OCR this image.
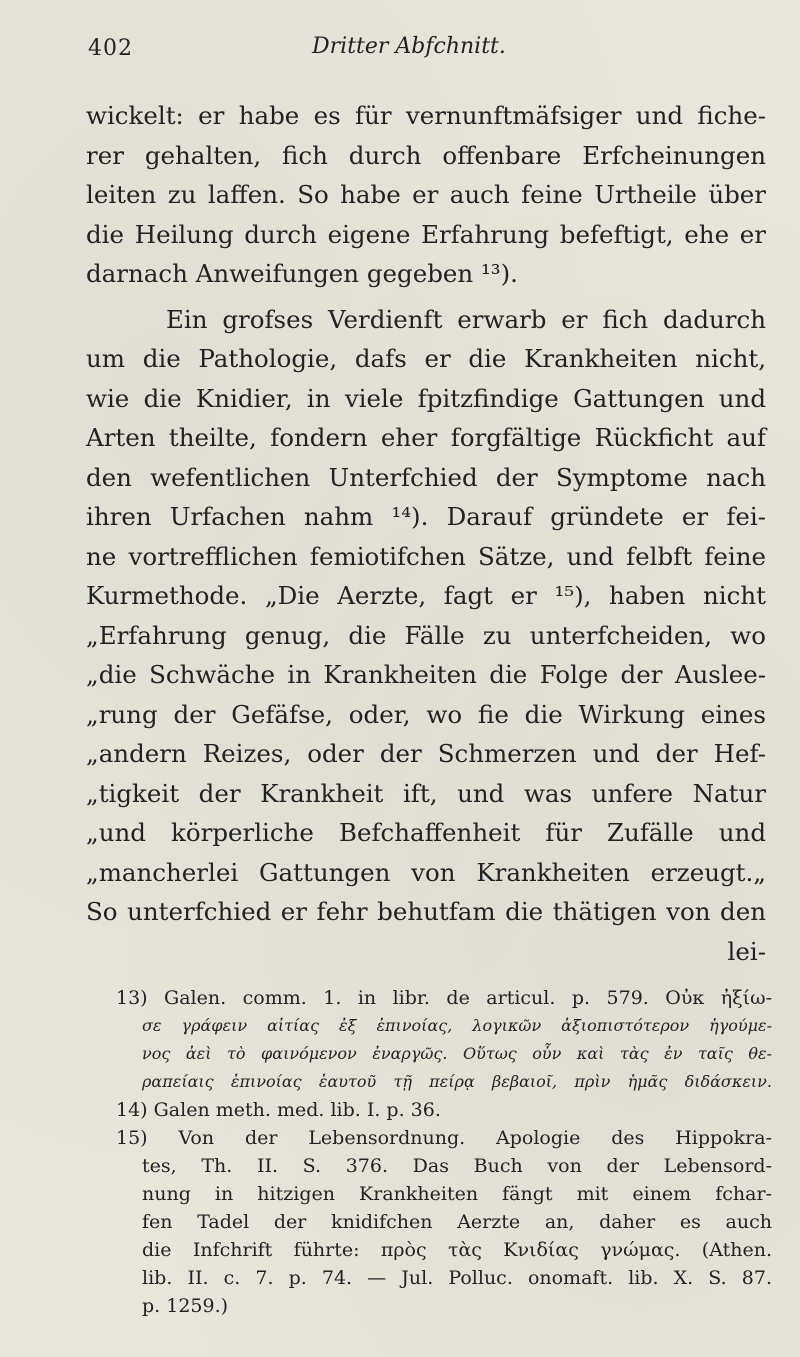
402	Dritter Abfchnitt.
wickelt: er habe es für vernunftmäfsiger und fiche-
rer gehalten, fich durch offenbare Erfcheinungen
leiten zu laffen. So habe er auch feine Urtheile über
die Heilung durch eigene Erfahrung befeftigt, ehe er
darnach Anweifungen gegeben ¹³).
Ein grofses Verdienft erwarb er fich dadurch
um die Pathologie, dafs er die Krankheiten nicht,
wie die Knidier, in viele fpitzfindige Gattungen und
Arten theilte, fondern eher forgfältige Rückficht auf
den wefentlichen Unterfchied der Symptome nach
ihren Urfachen nahm ¹⁴). Darauf gründete er fei-
ne vortrefflichen femiotifchen Sätze, und felbft feine
Kurmethode. „Die Aerzte, fagt er ¹⁵), haben nicht
„Erfahrung genug, die Fälle zu unterfcheiden, wo
„die Schwäche in Krankheiten die Folge der Auslee-
„rung der Gefäfse, oder, wo fie die Wirkung eines
„andern Reizes, oder der Schmerzen und der Hef-
„tigkeit der Krankheit ift, und was unfere Natur
„und körperliche Befchaffenheit für Zufälle und
„mancherlei Gattungen von Krankheiten erzeugt.„
So unterfchied er fehr behutfam die thätigen von den
lei-
13) Galen. comm. 1. in libr. de articul. p. 579. Οὐκ ἠξίω-
σε γράφειν αἰτίας ἐξ ἐπινοίας, λογικῶν ἀξιοπιστότερον ἡγούμε-
νος ἀεὶ τὸ φαινόμενον ἐναργῶς. Οὕτως οὖν καὶ τὰς ἐν ταῖς θε-
ραπείαις ἐπινοίας ἑαυτοῦ τῇ πείρᾳ βεβαιοῖ, πρὶν ἡμᾶς διδάσκειν.
14) Galen meth. med. lib. I. p. 36.
15) Von der Lebensordnung. Apologie des Hippokra-
tes, Th. II. S. 376. Das Buch von der Lebensord-
nung in hitzigen Krankheiten fängt mit einem fchar-
fen Tadel der knidifchen Aerzte an, daher es auch
die Infchrift führte: πρὸς τὰς Κνιδίας γνώμας. (Athen.
lib. II. c. 7. p. 74. — Jul. Polluc. onomaft. lib. X. S. 87.
p. 1259.)
